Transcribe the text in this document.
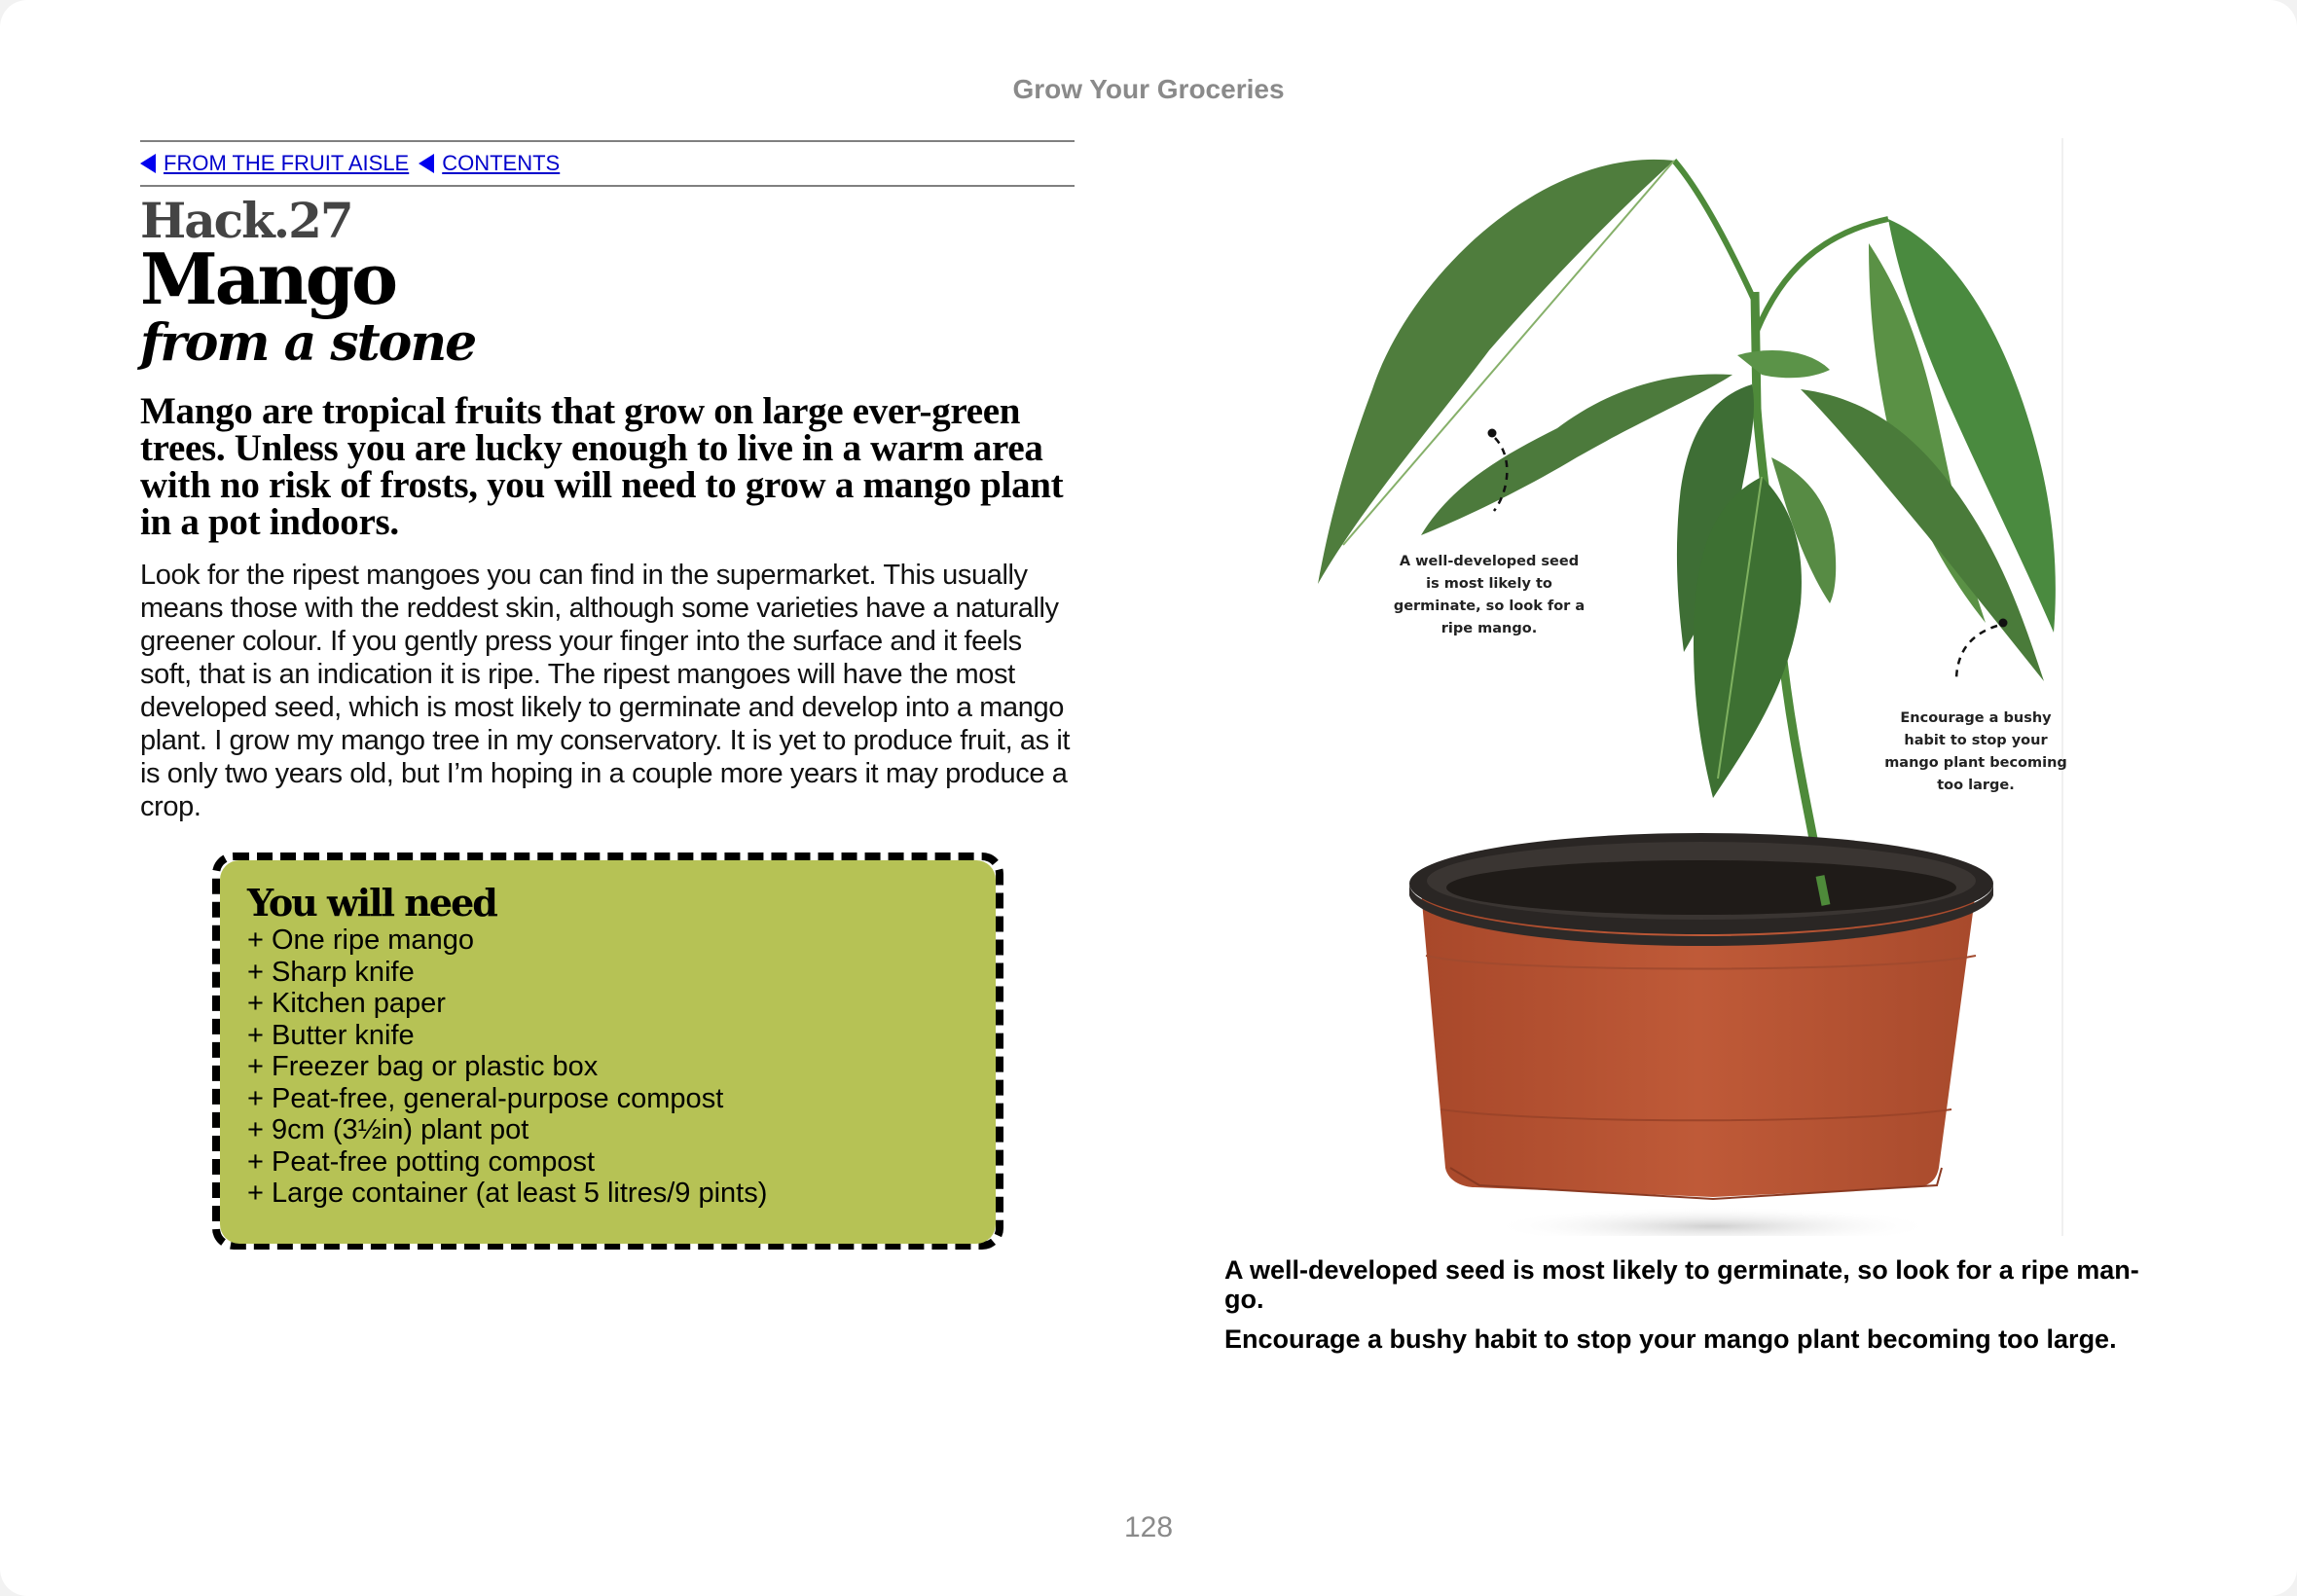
Grow Your Groceries
FROM THE FRUIT AISLE CONTENTS
Hack.27
Mango
from a stone
Mango are tropical fruits that grow on large ever-green trees. Unless you are lucky enough to live in a warm area with no risk of frosts, you will need to grow a mango plant in a pot indoors.
Look for the ripest mangoes you can find in the supermarket. This usually means those with the reddest skin, although some varieties have a naturally greener colour. If you gently press your finger into the surface and it feels soft, that is an indication it is ripe. The ripest mangoes will have the most developed seed, which is most likely to germinate and develop into a mango plant. I grow my mango tree in my conservatory. It is yet to produce fruit, as it is only two years old, but I’m hoping in a couple more years it may produce a crop.
You will need
+ One ripe mango
+ Sharp knife
+ Kitchen paper
+ Butter knife
+ Freezer bag or plastic box
+ Peat-free, general-purpose compost
+ 9cm (3½in) plant pot
+ Peat-free potting compost
+ Large container (at least 5 litres/9 pints)
A well-developed seed is most likely to germinate, so look for a ripe mango.
Encourage a bushy habit to stop your mango plant becoming too large.
A well-developed seed is most likely to germinate, so look for a ripe man-go.
Encourage a bushy habit to stop your mango plant becoming too large.
128
